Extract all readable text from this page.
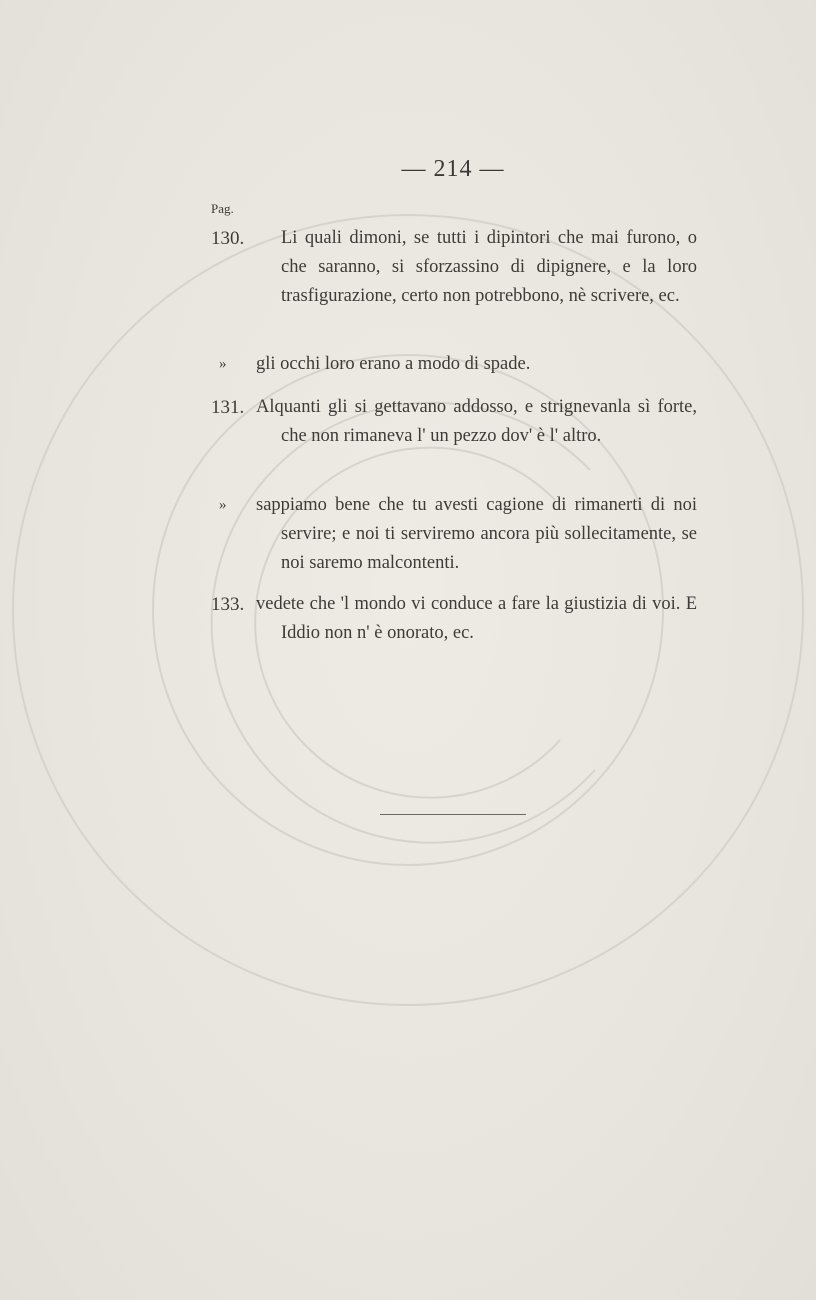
— 214 —
Pag.
130. Li quali dimoni, se tutti i dipintori che mai furono, o che saranno, si sforzassino di dipignere, e la loro trasfigurazione, certo non potrebbono, nè scrivere, ec.

» gli occhi loro erano a modo di spade.

131. Alquanti gli si gettavano addosso, e strignevanla sì forte, che non rimaneva l' un pezzo dov' è l' altro.

» sappiamo bene che tu avesti cagione di rimanerti di noi servire; e noi ti serviremo ancora più sollecitamente, se noi saremo malcontenti.

133. vedete che 'l mondo vi conduce a fare la giustizia di voi. E Iddio non n' è onorato, ec.
